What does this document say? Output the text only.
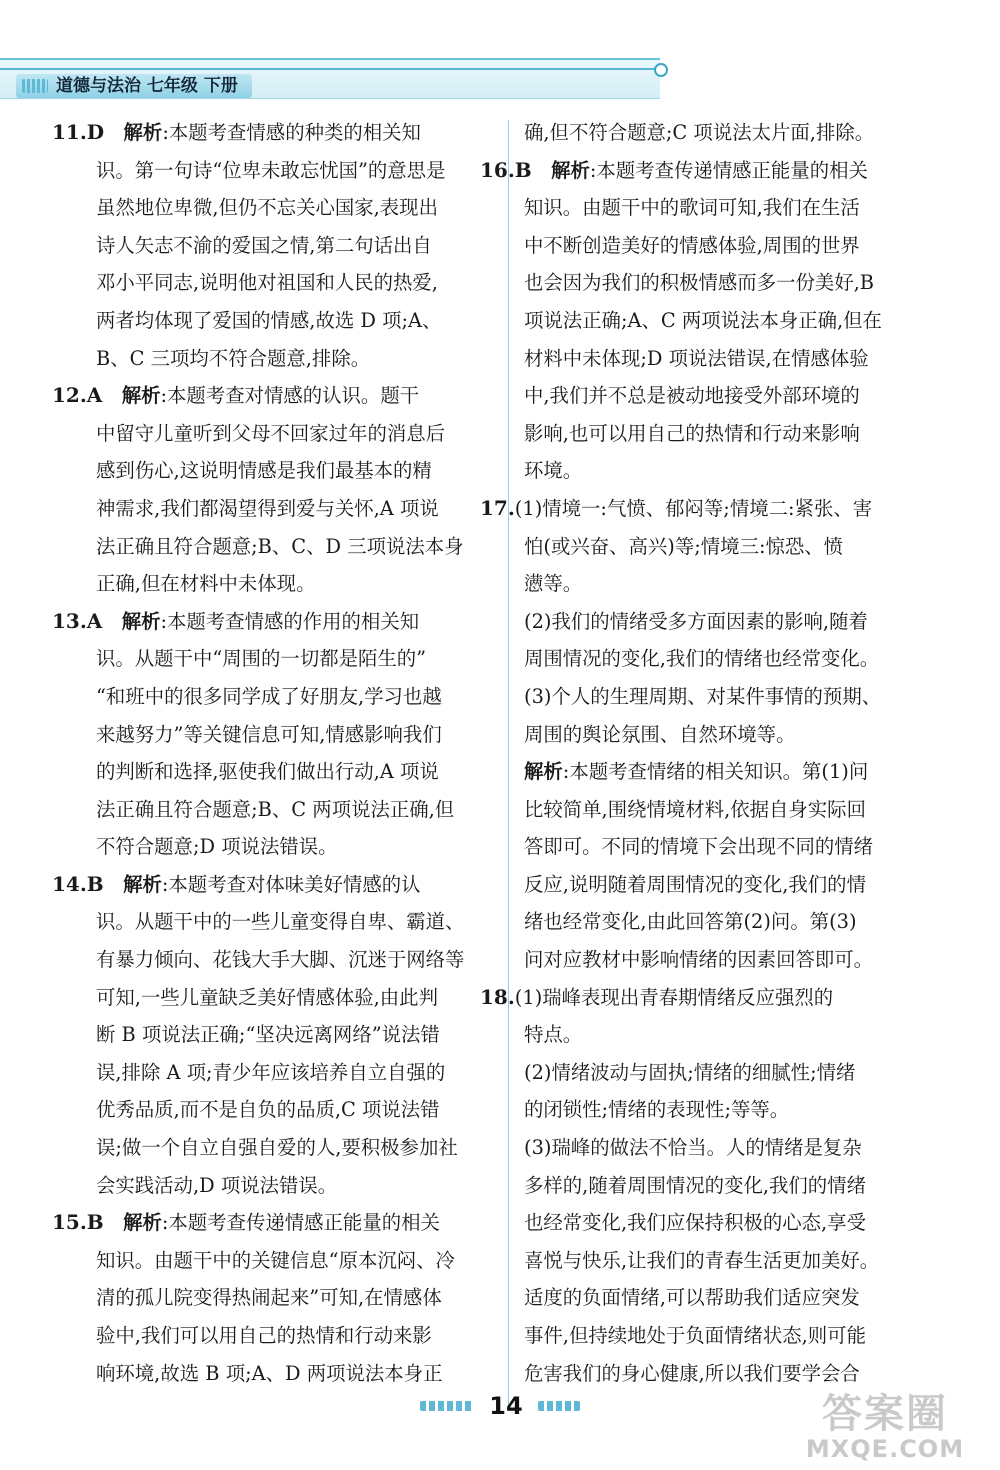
道德与法治 七年级 下册
11.D  解析:本题考查情感的种类的相关知
识。第一句诗“位卑未敢忘忧国”的意思是
虽然地位卑微,但仍不忘关心国家,表现出
诗人矢志不渝的爱国之情,第二句话出自
邓小平同志,说明他对祖国和人民的热爱,
两者均体现了爱国的情感,故选 D 项;A、
B、C 三项均不符合题意,排除。
12.A  解析:本题考查对情感的认识。题干
中留守儿童听到父母不回家过年的消息后
感到伤心,这说明情感是我们最基本的精
神需求,我们都渴望得到爱与关怀,A 项说
法正确且符合题意;B、C、D 三项说法本身
正确,但在材料中未体现。
13.A  解析:本题考查情感的作用的相关知
识。从题干中“周围的一切都是陌生的”
“和班中的很多同学成了好朋友,学习也越
来越努力”等关键信息可知,情感影响我们
的判断和选择,驱使我们做出行动,A 项说
法正确且符合题意;B、C 两项说法正确,但
不符合题意;D 项说法错误。
14.B  解析:本题考查对体味美好情感的认
识。从题干中的一些儿童变得自卑、霸道、
有暴力倾向、花钱大手大脚、沉迷于网络等
可知,一些儿童缺乏美好情感体验,由此判
断 B 项说法正确;“坚决远离网络”说法错
误,排除 A 项;青少年应该培养自立自强的
优秀品质,而不是自负的品质,C 项说法错
误;做一个自立自强自爱的人,要积极参加社
会实践活动,D 项说法错误。
15.B  解析:本题考查传递情感正能量的相关
知识。由题干中的关键信息“原本沉闷、冷
清的孤儿院变得热闹起来”可知,在情感体
验中,我们可以用自己的热情和行动来影
响环境,故选 B 项;A、D 两项说法本身正
确,但不符合题意;C 项说法太片面,排除。
16.B  解析:本题考查传递情感正能量的相关
知识。由题干中的歌词可知,我们在生活
中不断创造美好的情感体验,周围的世界
也会因为我们的积极情感而多一份美好,B
项说法正确;A、C 两项说法本身正确,但在
材料中未体现;D 项说法错误,在情感体验
中,我们并不总是被动地接受外部环境的
影响,也可以用自己的热情和行动来影响
环境。
17.(1)情境一:气愤、郁闷等;情境二:紧张、害
怕(或兴奋、高兴)等;情境三:惊恐、愤
懑等。
(2)我们的情绪受多方面因素的影响,随着
周围情况的变化,我们的情绪也经常变化。
(3)个人的生理周期、对某件事情的预期、
周围的舆论氛围、自然环境等。
解析:本题考查情绪的相关知识。第(1)问
比较简单,围绕情境材料,依据自身实际回
答即可。不同的情境下会出现不同的情绪
反应,说明随着周围情况的变化,我们的情
绪也经常变化,由此回答第(2)问。第(3)
问对应教材中影响情绪的因素回答即可。
18.(1)瑞峰表现出青春期情绪反应强烈的
特点。
(2)情绪波动与固执;情绪的细腻性;情绪
的闭锁性;情绪的表现性;等等。
(3)瑞峰的做法不恰当。人的情绪是复杂
多样的,随着周围情况的变化,我们的情绪
也经常变化,我们应保持积极的心态,享受
喜悦与快乐,让我们的青春生活更加美好。
适度的负面情绪,可以帮助我们适应突发
事件,但持续地处于负面情绪状态,则可能
危害我们的身心健康,所以我们要学会合
14	答案圈
MXQE.COM
